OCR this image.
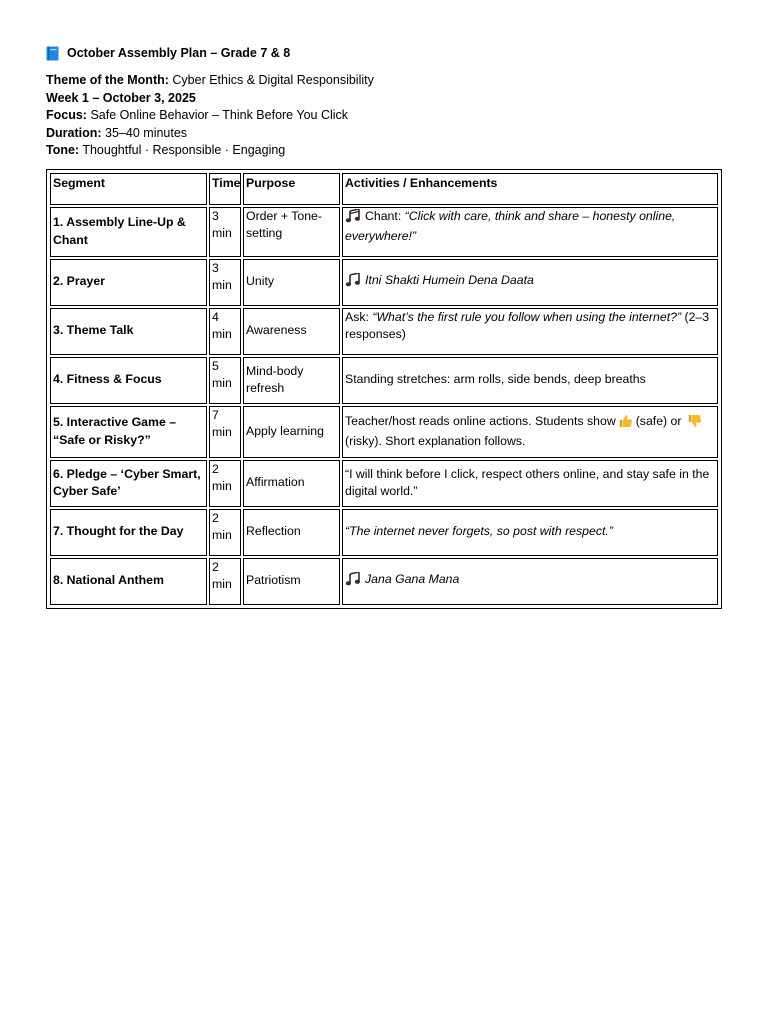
October Assembly Plan – Grade 7 & 8
Theme of the Month: Cyber Ethics & Digital Responsibility
Week 1 – October 3, 2025
Focus: Safe Online Behavior – Think Before You Click
Duration: 35–40 minutes
Tone: Thoughtful · Responsible · Engaging
Segment	Time	Purpose	Activities / Enhancements
1. Assembly Line-Up & Chant	3 min	Order + Tone-setting	Chant: “Click with care, think and share – honesty online, everywhere!”
2. Prayer	3 min	Unity	Itni Shakti Humein Dena Daata
3. Theme Talk	4 min	Awareness	Ask: “What’s the first rule you follow when using the internet?” (2–3 responses)
4. Fitness & Focus	5 min	Mind-body refresh	Standing stretches: arm rolls, side bends, deep breaths
5. Interactive Game –
“Safe or Risky?”	7 min	Apply learning	Teacher/host reads online actions. Students show (safe) or (risky). Short explanation follows.
6. Pledge – ‘Cyber Smart,
Cyber Safe’	2 min	Affirmation	“I will think before I click, respect others online, and stay safe in the digital world.”
7. Thought for the Day	2 min	Reflection	“The internet never forgets, so post with respect.”
8. National Anthem	2 min	Patriotism	Jana Gana Mana
